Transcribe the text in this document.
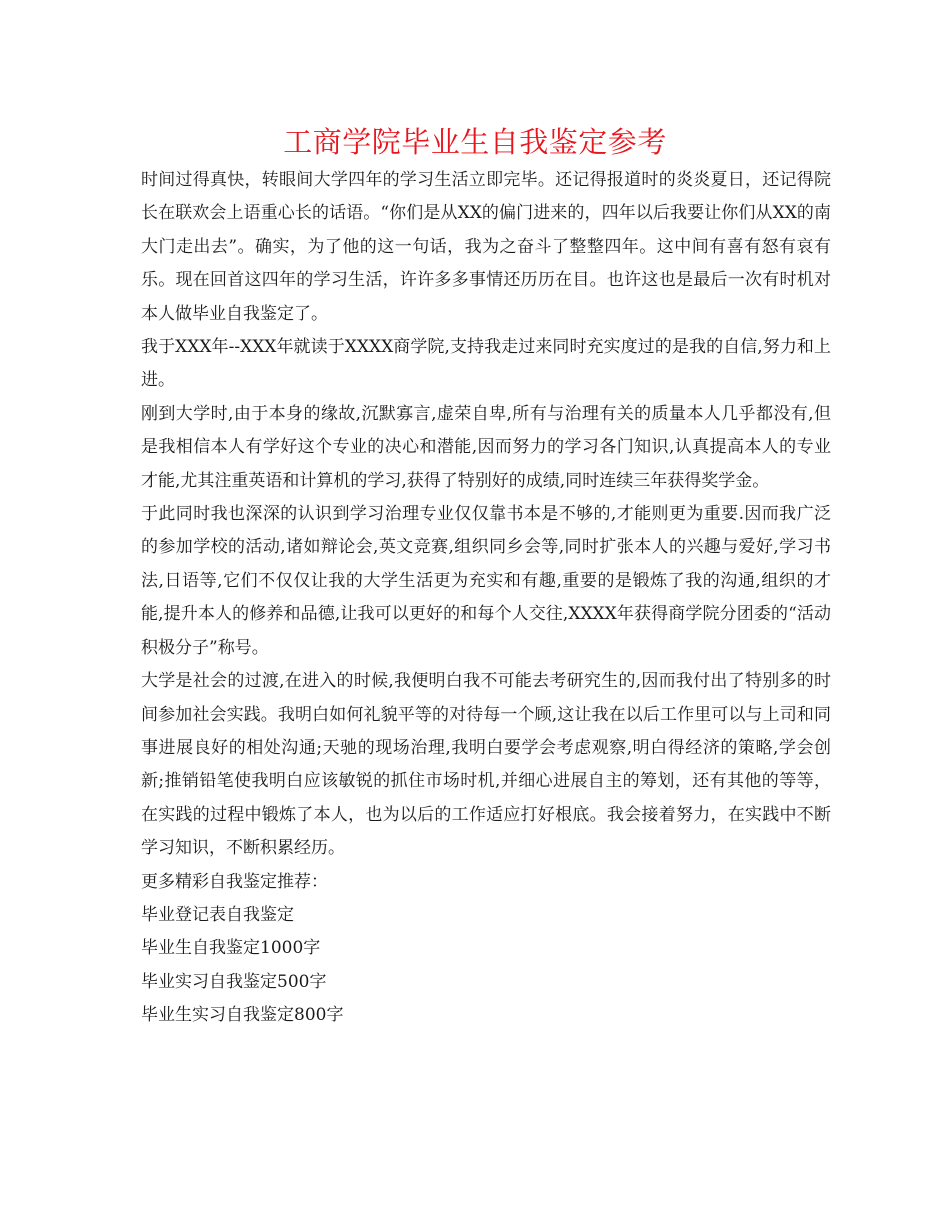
工商学院毕业生自我鉴定参考

时间过得真快，转眼间大学四年的学习生活立即完毕。还记得报道时的炎炎夏日，还记得院长在联欢会上语重心长的话语。“你们是从XX的偏门进来的，四年以后我要让你们从XX的南大门走出去”。确实，为了他的这一句话，我为之奋斗了整整四年。这中间有喜有怒有哀有乐。现在回首这四年的学习生活，许许多多事情还历历在目。也许这也是最后一次有时机对本人做毕业自我鉴定了。

我于XXX年--XXX年就读于XXXX商学院,支持我走过来同时充实度过的是我的自信,努力和上进。

刚到大学时,由于本身的缘故,沉默寡言,虚荣自卑,所有与治理有关的质量本人几乎都没有,但是我相信本人有学好这个专业的决心和潜能,因而努力的学习各门知识,认真提高本人的专业才能,尤其注重英语和计算机的学习,获得了特别好的成绩,同时连续三年获得奖学金。

于此同时我也深深的认识到学习治理专业仅仅靠书本是不够的,才能则更为重要.因而我广泛的参加学校的活动,诸如辩论会,英文竞赛,组织同乡会等,同时扩张本人的兴趣与爱好,学习书法,日语等,它们不仅仅让我的大学生活更为充实和有趣,重要的是锻炼了我的沟通,组织的才能,提升本人的修养和品德,让我可以更好的和每个人交往,XXXX年获得商学院分团委的“活动积极分子”称号。

大学是社会的过渡,在进入的时候,我便明白我不可能去考研究生的,因而我付出了特别多的时间参加社会实践。我明白如何礼貌平等的对待每一个顾,这让我在以后工作里可以与上司和同事进展良好的相处沟通;天驰的现场治理,我明白要学会考虑观察,明白得经济的策略,学会创新;推销铅笔使我明白应该敏锐的抓住市场时机,并细心进展自主的筹划，还有其他的等等，在实践的过程中锻炼了本人，也为以后的工作适应打好根底。我会接着努力，在实践中不断学习知识，不断积累经历。

更多精彩自我鉴定推荐：

毕业登记表自我鉴定

毕业生自我鉴定1000字

毕业实习自我鉴定500字

毕业生实习自我鉴定800字
